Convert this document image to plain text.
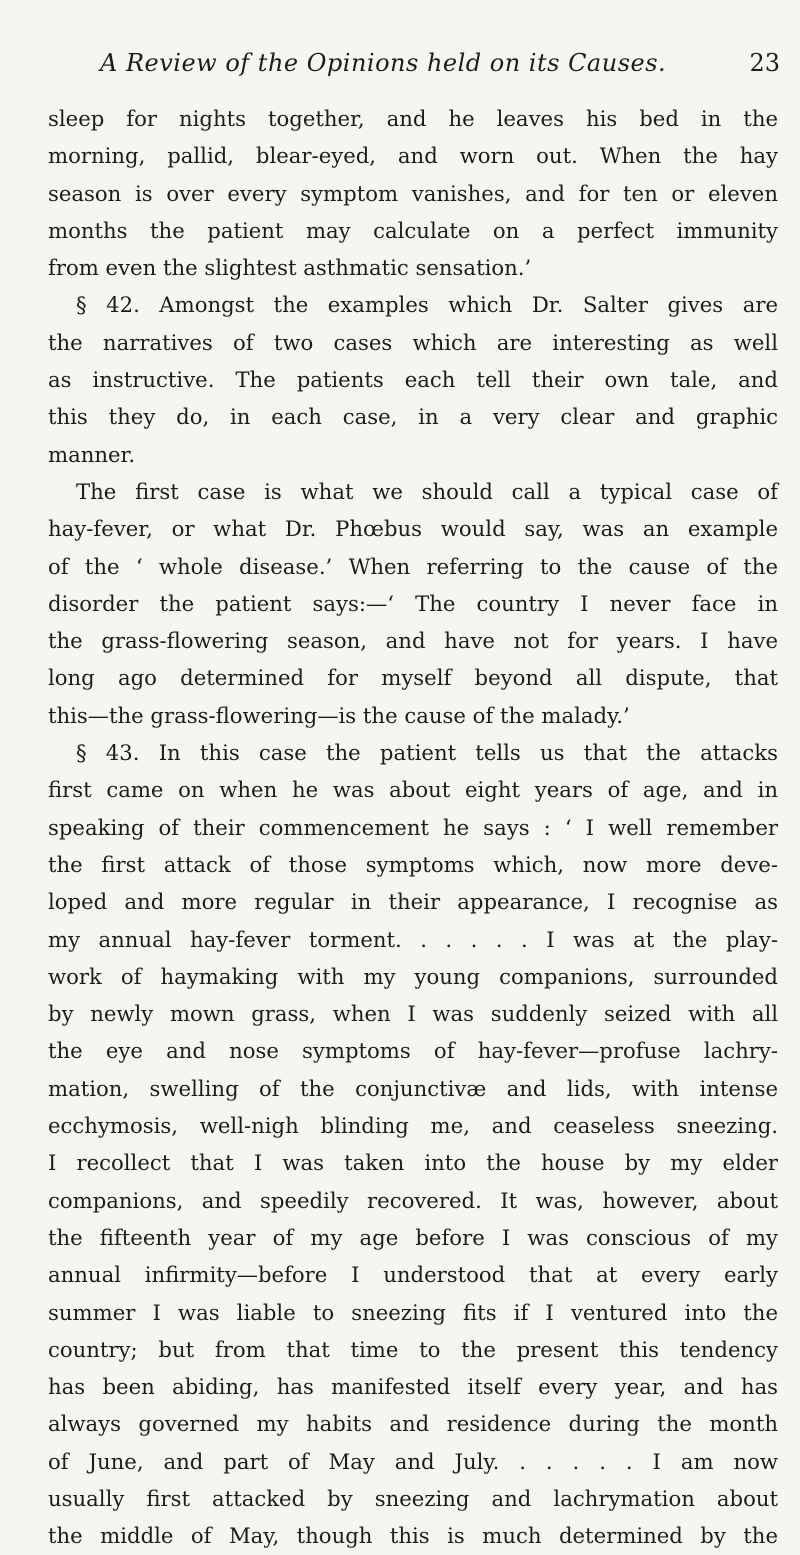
A Review of the Opinions held on its Causes.	23
sleep for nights together, and he leaves his bed in the
morning, pallid, blear-eyed, and worn out. When the hay
season is over every symptom vanishes, and for ten or eleven
months the patient may calculate on a perfect immunity
from even the slightest asthmatic sensation.’
§ 42. Amongst the examples which Dr. Salter gives are
the narratives of two cases which are interesting as well
as instructive. The patients each tell their own tale, and
this they do, in each case, in a very clear and graphic
manner.
The first case is what we should call a typical case of
hay-fever, or what Dr. Phœbus would say, was an example
of the ‘ whole disease.’ When referring to the cause of the
disorder the patient says:—‘ The country I never face in
the grass-flowering season, and have not for years. I have
long ago determined for myself beyond all dispute, that
this—the grass-flowering—is the cause of the malady.’
§ 43. In this case the patient tells us that the attacks
first came on when he was about eight years of age, and in
speaking of their commencement he says : ‘ I well remember
the first attack of those symptoms which, now more deve-
loped and more regular in their appearance, I recognise as
my annual hay-fever torment. . . . . . I was at the play-
work of haymaking with my young companions, surrounded
by newly mown grass, when I was suddenly seized with all
the eye and nose symptoms of hay-fever—profuse lachry-
mation, swelling of the conjunctivæ and lids, with intense
ecchymosis, well-nigh blinding me, and ceaseless sneezing.
I recollect that I was taken into the house by my elder
companions, and speedily recovered. It was, however, about
the fifteenth year of my age before I was conscious of my
annual infirmity—before I understood that at every early
summer I was liable to sneezing fits if I ventured into the
country; but from that time to the present this tendency
has been abiding, has manifested itself every year, and has
always governed my habits and residence during the month
of June, and part of May and July. . . . . . I am now
usually first attacked by sneezing and lachrymation about
the middle of May, though this is much determined by the
